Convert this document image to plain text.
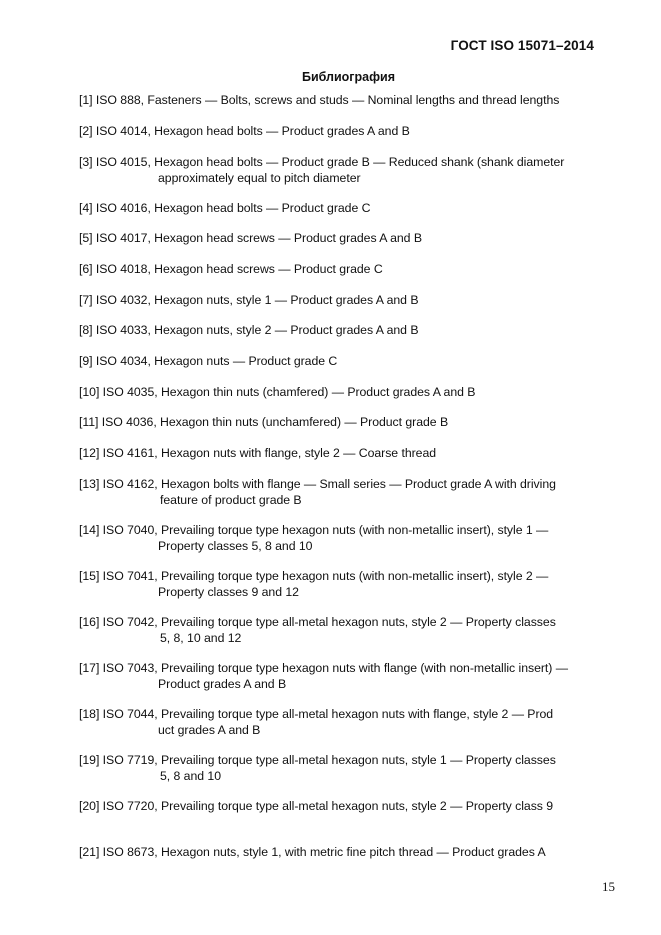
ГОСТ ISO 15071–2014
Библиография
[1] ISO 888, Fasteners — Bolts, screws and studs — Nominal lengths and thread lengths
[2] ISO 4014, Hexagon head bolts — Product grades A and B
[3] ISO 4015, Hexagon head bolts — Product grade B — Reduced shank (shank diameter
approximately equal to pitch diameter
[4] ISO 4016, Hexagon head bolts — Product grade C
[5] ISO 4017, Hexagon head screws — Product grades A and B
[6] ISO 4018, Hexagon head screws — Product grade C
[7] ISO 4032, Hexagon nuts, style 1 — Product grades A and B
[8] ISO 4033, Hexagon nuts, style 2 — Product grades A and B
[9] ISO 4034, Hexagon nuts — Product grade C
[10] ISO 4035, Hexagon thin nuts (chamfered) — Product grades A and B
[11] ISO 4036, Hexagon thin nuts (unchamfered) — Product grade B
[12] ISO 4161, Hexagon nuts with flange, style 2 — Coarse thread
[13] ISO 4162, Hexagon bolts with flange — Small series — Product grade A with driving
feature of product grade B
[14] ISO 7040, Prevailing torque type hexagon nuts (with non-metallic insert), style 1 —
Property classes 5, 8 and 10
[15] ISO 7041, Prevailing torque type hexagon nuts (with non-metallic insert), style 2 —
Property classes 9 and 12
[16] ISO 7042, Prevailing torque type all-metal hexagon nuts, style 2 — Property classes
5, 8, 10 and 12
[17] ISO 7043, Prevailing torque type hexagon nuts with flange (with non-metallic insert) —
Product grades A and B
[18] ISO 7044, Prevailing torque type all-metal hexagon nuts with flange, style 2 — Prod
uct grades A and B
[19] ISO 7719, Prevailing torque type all-metal hexagon nuts, style 1 — Property classes
5, 8 and 10
[20] ISO 7720, Prevailing torque type all-metal hexagon nuts, style 2 — Property class 9
[21] ISO 8673, Hexagon nuts, style 1, with metric fine pitch thread — Product grades A
15
